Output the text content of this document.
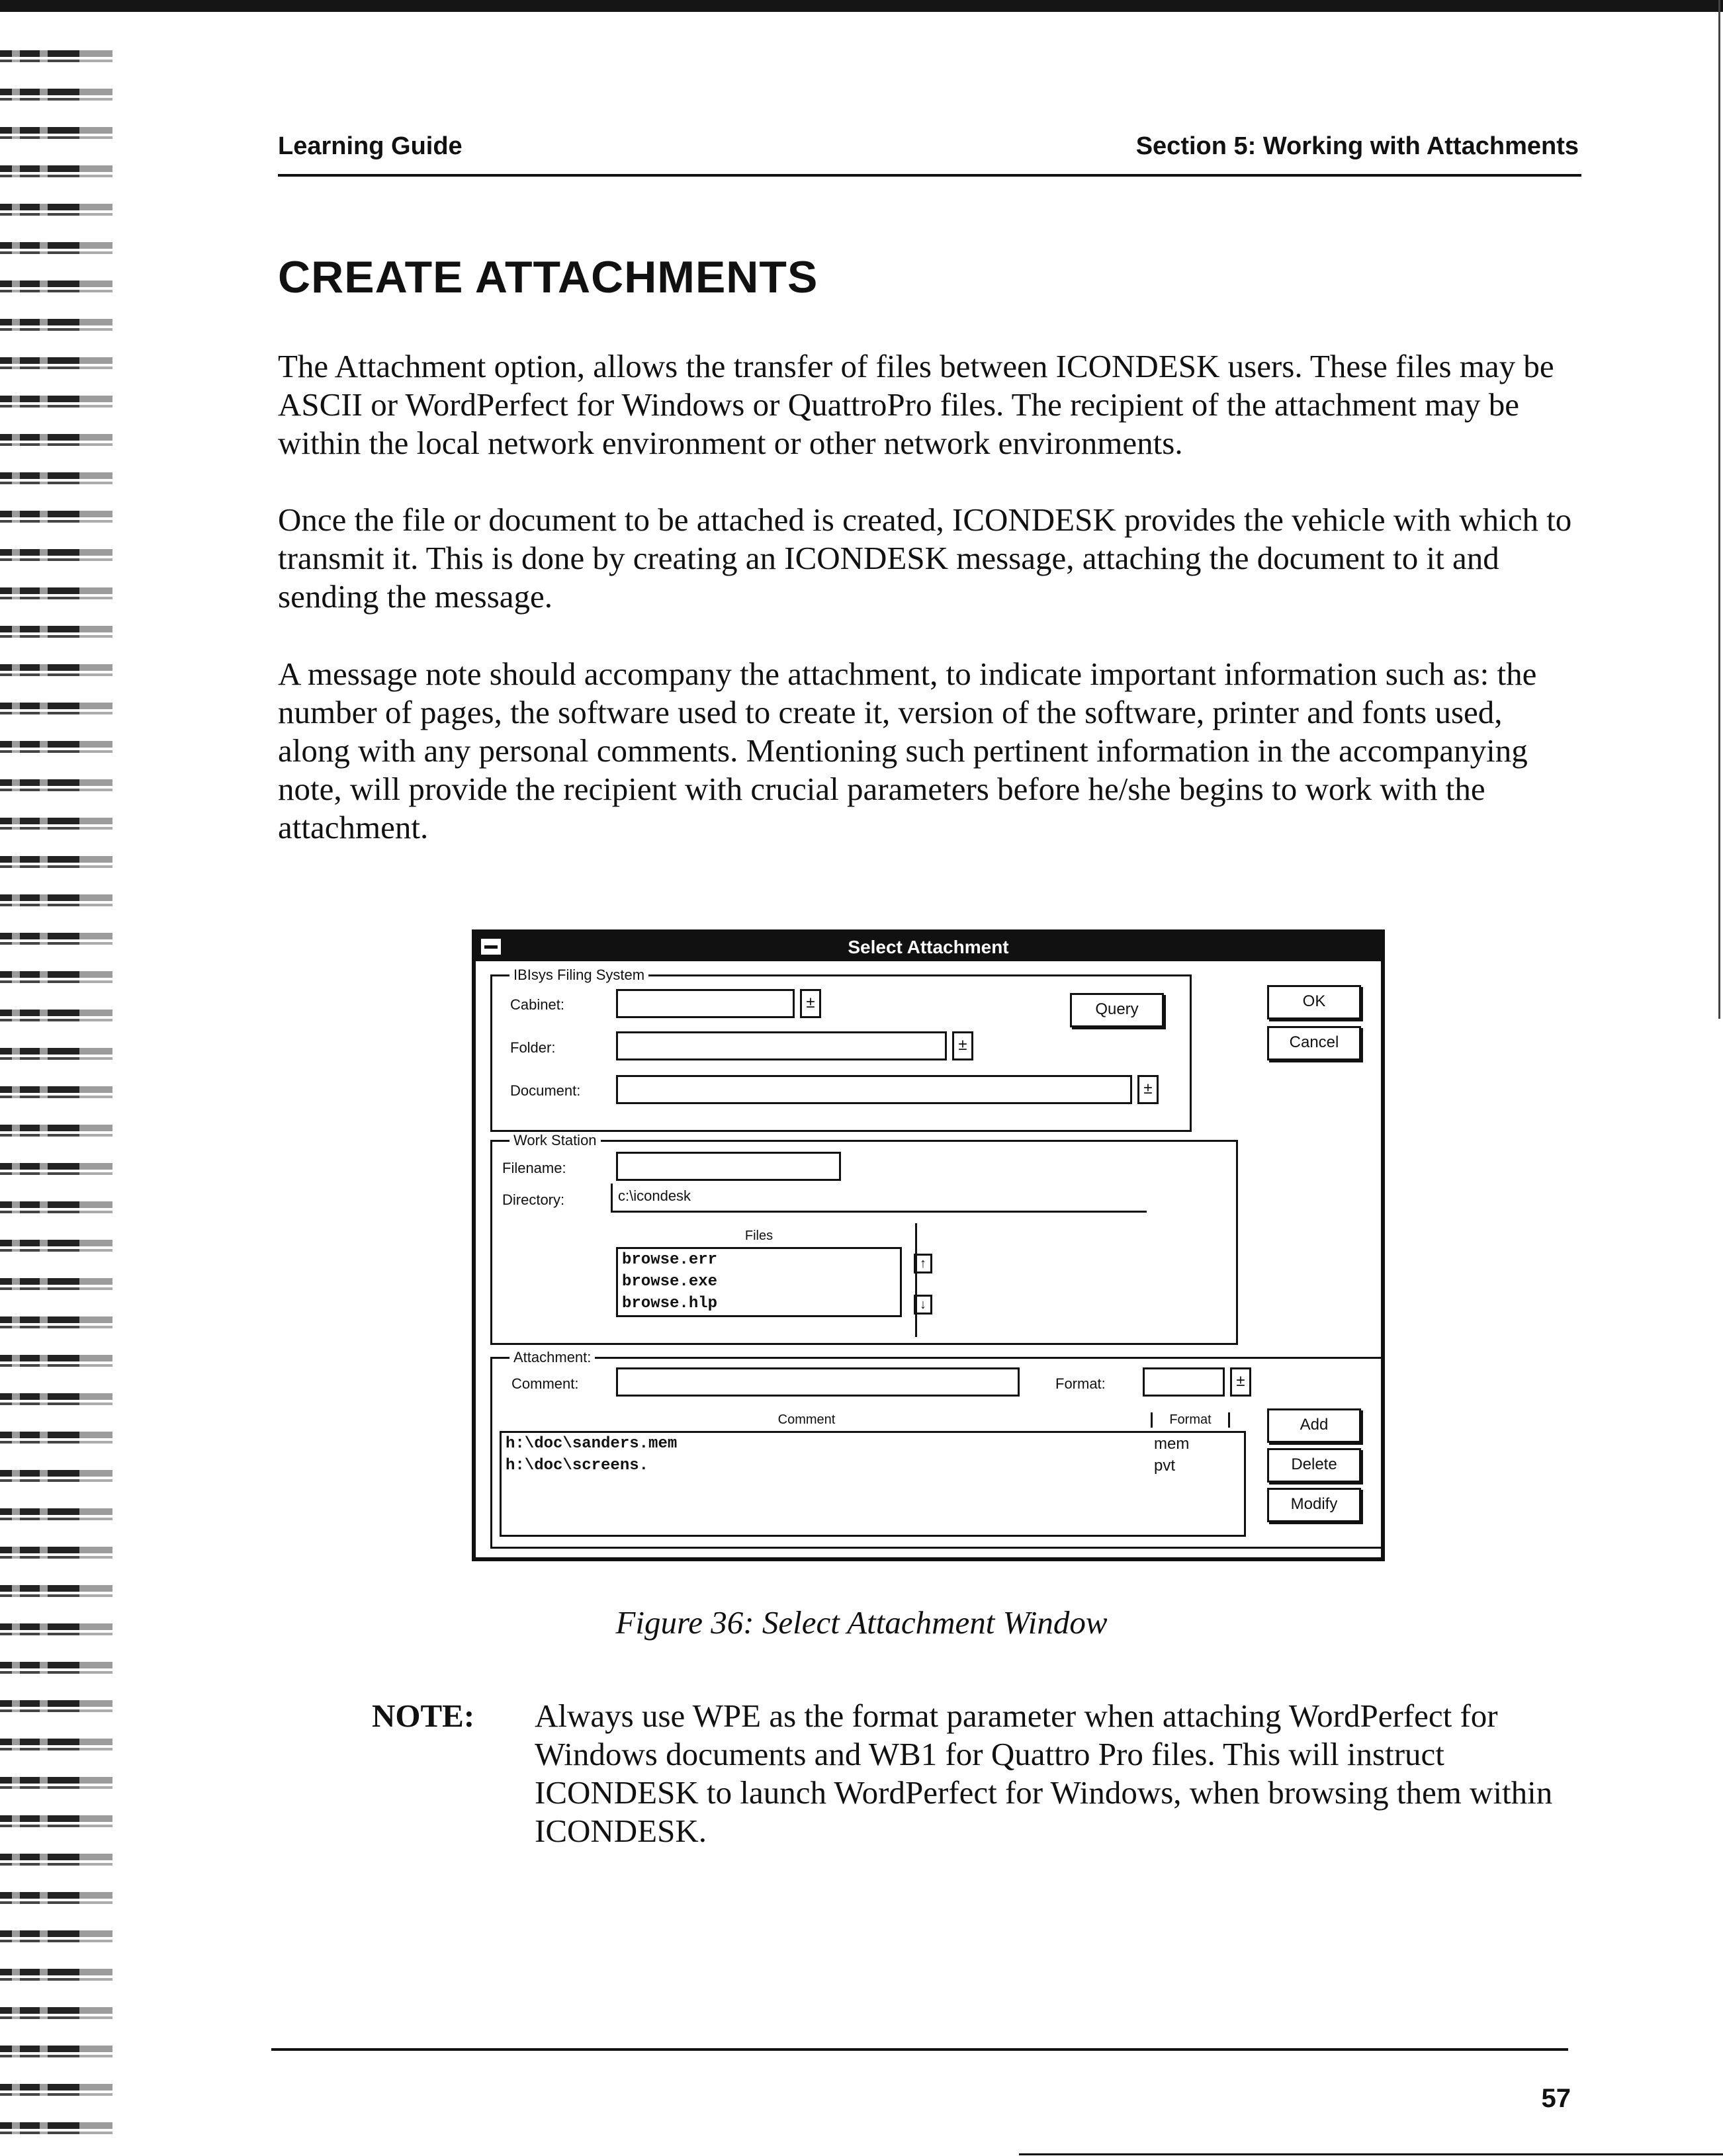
Learning Guide	Section 5: Working with Attachments
CREATE ATTACHMENTS

The Attachment option, allows the transfer of files between ICONDESK users. These files may be ASCII or WordPerfect for Windows or QuattroPro files. The recipient of the attachment may be within the local network environment or other network environments.

Once the file or document to be attached is created, ICONDESK provides the vehicle with which to transmit it. This is done by creating an ICONDESK message, attaching the document to it and sending the message.

A message note should accompany the attachment, to indicate important information such as: the number of pages, the software used to create it, version of the software, printer and fonts used, along with any personal comments. Mentioning such pertinent information in the accompanying note, will provide the recipient with crucial parameters before he/she begins to work with the attachment.

Select Attachment
IBIsys Filing System
Cabinet:	±	Query
Folder:	±
Document:	±
OK
Cancel
Work Station
Filename:
Directory:	c:\icondesk
Files
browse.err
browse.exe
browse.hlp
↑
↓
Attachment:
Comment:	Format:	±
Comment	Format
h:\doc\sanders.mem	mem
h:\doc\screens.	pvt
Add
Delete
Modify
Figure 36: Select Attachment Window
NOTE: Always use WPE as the format parameter when attaching WordPerfect for Windows documents and WB1 for Quattro Pro files. This will instruct ICONDESK to launch WordPerfect for Windows, when browsing them within ICONDESK.

57
